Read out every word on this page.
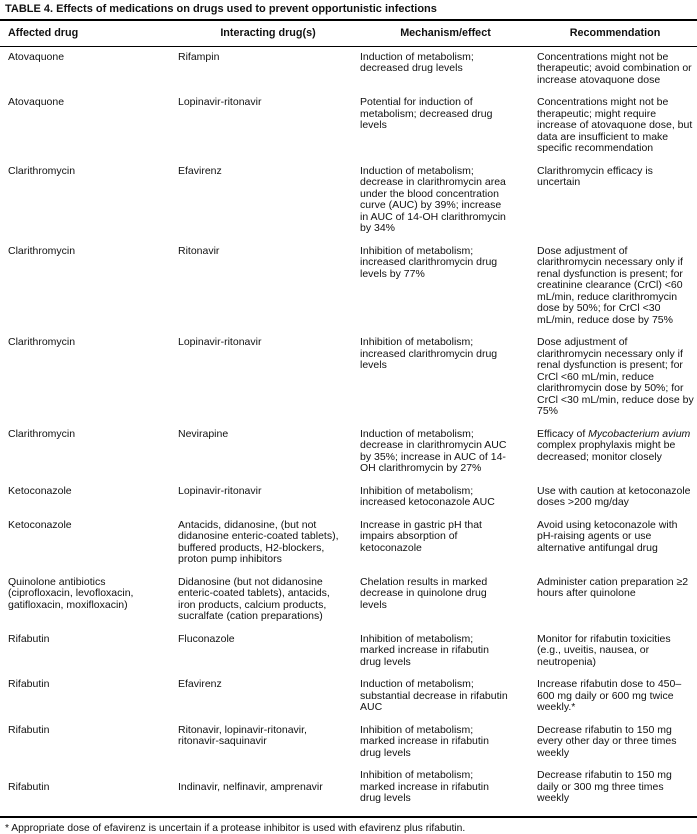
TABLE 4. Effects of medications on drugs used to prevent opportunistic infections
Affected drug	Interacting drug(s)	Mechanism/effect	Recommendation
Atovaquone	Rifampin	Induction of metabolism; decreased drug levels	Concentrations might not be therapeutic; avoid combination or increase atovaquone dose
Atovaquone	Lopinavir-ritonavir	Potential for induction of metabolism; decreased drug levels	Concentrations might not be therapeutic; might require increase of atovaquone dose, but data are insufficient to make specific recommendation
Clarithromycin	Efavirenz	Induction of metabolism; decrease in clarithromycin area under the blood concentration curve (AUC) by 39%; increase in AUC of 14-OH clarithromycin by 34%	Clarithromycin efficacy is uncertain
Clarithromycin	Ritonavir	Inhibition of metabolism; increased clarithromycin drug levels by 77%	Dose adjustment of clarithromycin necessary only if renal dysfunction is present; for creatinine clearance (CrCl) <60 mL/min, reduce clarithromycin dose by 50%; for CrCl <30 mL/min, reduce dose by 75%
Clarithromycin	Lopinavir-ritonavir	Inhibition of metabolism; increased clarithromycin drug levels	Dose adjustment of clarithromycin necessary only if renal dysfunction is present; for CrCl <60 mL/min, reduce clarithromycin dose by 50%; for CrCl <30 mL/min, reduce dose by 75%
Clarithromycin	Nevirapine	Induction of metabolism; decrease in clarithromycin AUC by 35%; increase in AUC of 14-OH clarithromycin by 27%	Efficacy of Mycobacterium avium complex prophylaxis might be decreased; monitor closely
Ketoconazole	Lopinavir-ritonavir	Inhibition of metabolism; increased ketoconazole AUC	Use with caution at ketoconazole doses >200 mg/day
Ketoconazole	Antacids, didanosine, (but not didanosine enteric-coated tablets), buffered products, H2-blockers, proton pump inhibitors	Increase in gastric pH that impairs absorption of ketoconazole	Avoid using ketoconazole with pH-raising agents or use alternative antifungal drug
Quinolone antibiotics (ciprofloxacin, levofloxacin, gatifloxacin, moxifloxacin)	Didanosine (but not didanosine enteric-coated tablets), antacids, iron products, calcium products, sucralfate (cation preparations)	Chelation results in marked decrease in quinolone drug levels	Administer cation preparation ≥2 hours after quinolone
Rifabutin	Fluconazole	Inhibition of metabolism; marked increase in rifabutin drug levels	Monitor for rifabutin toxicities (e.g., uveitis, nausea, or neutropenia)
Rifabutin	Efavirenz	Induction of metabolism; substantial decrease in rifabutin AUC	Increase rifabutin dose to 450–600 mg daily or 600 mg twice weekly.*
Rifabutin	Ritonavir, lopinavir-ritonavir, ritonavir-saquinavir	Inhibition of metabolism; marked increase in rifabutin drug levels	Decrease rifabutin to 150 mg every other day or three times weekly
Rifabutin	Indinavir, nelfinavir, amprenavir	Inhibition of metabolism; marked increase in rifabutin drug levels	Decrease rifabutin to 150 mg daily or 300 mg three times weekly
* Appropriate dose of efavirenz is uncertain if a protease inhibitor is used with efavirenz plus rifabutin.
